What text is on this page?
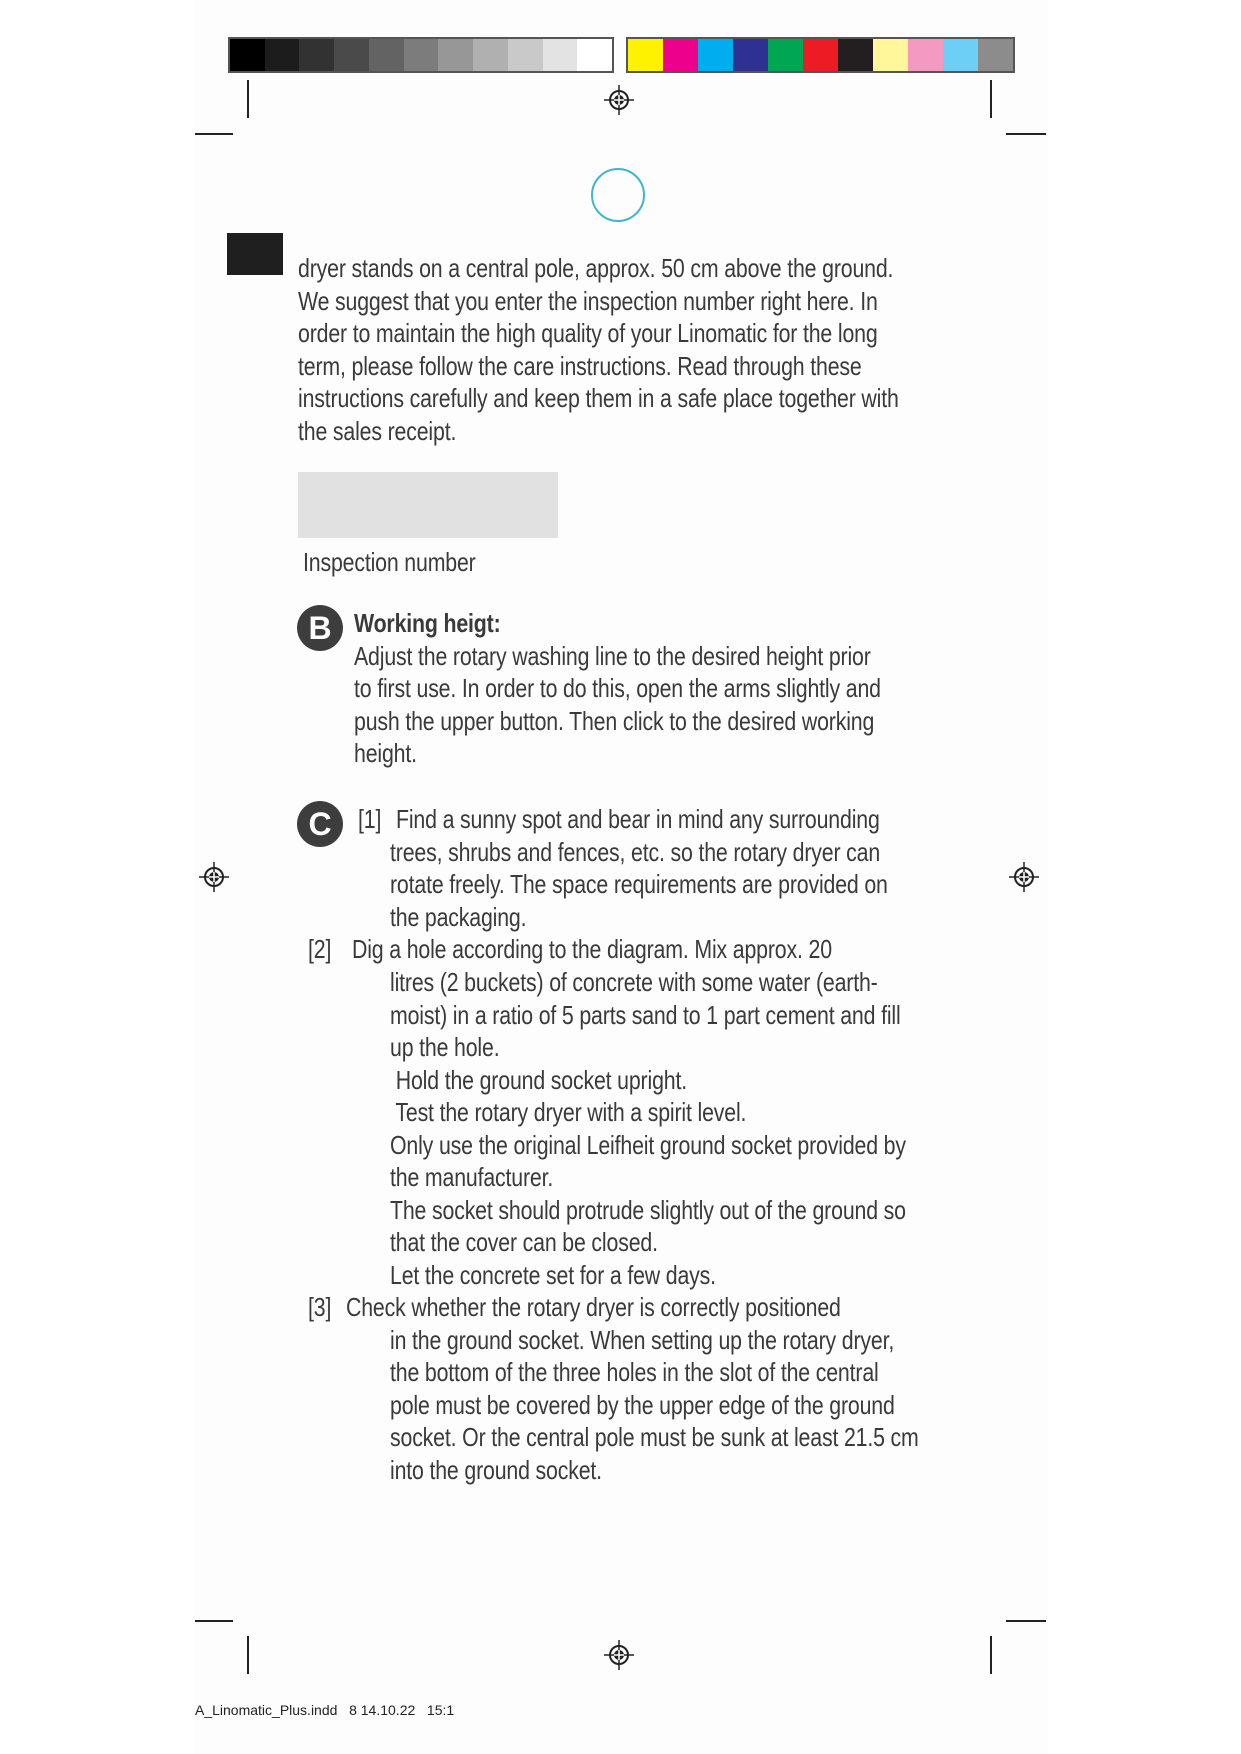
dryer stands on a central pole, approx. 50 cm above the ground.
We suggest that you enter the inspection number right here. In
order to maintain the high quality of your Linomatic for the long
term, please follow the care instructions. Read through these
instructions carefully and keep them in a safe place together with
the sales receipt.
Inspection number
B Working heigt:
Adjust the rotary washing line to the desired height prior
to first use. In order to do this, open the arms slightly and
push the upper button. Then click to the desired working
height.
C	[1] Find a sunny spot and bear in mind any surrounding
trees, shrubs and fences, etc. so the rotary dryer can
rotate freely. The space requirements are provided on
the packaging.
[2] Dig a hole according to the diagram. Mix approx. 20
litres (2 buckets) of concrete with some water (earth-
moist) in a ratio of 5 parts sand to 1 part cement and fill
up the hole.
Hold the ground socket upright.
Test the rotary dryer with a spirit level.
Only use the original Leifheit ground socket provided by
the manufacturer.
The socket should protrude slightly out of the ground so
that the cover can be closed.
Let the concrete set for a few days.
[3] Check whether the rotary dryer is correctly positioned
in the ground socket. When setting up the rotary dryer,
the bottom of the three holes in the slot of the central
pole must be covered by the upper edge of the ground
socket. Or the central pole must be sunk at least 21.5 cm
into the ground socket.
A_Linomatic_Plus.indd   8 14.10.22   15:1
